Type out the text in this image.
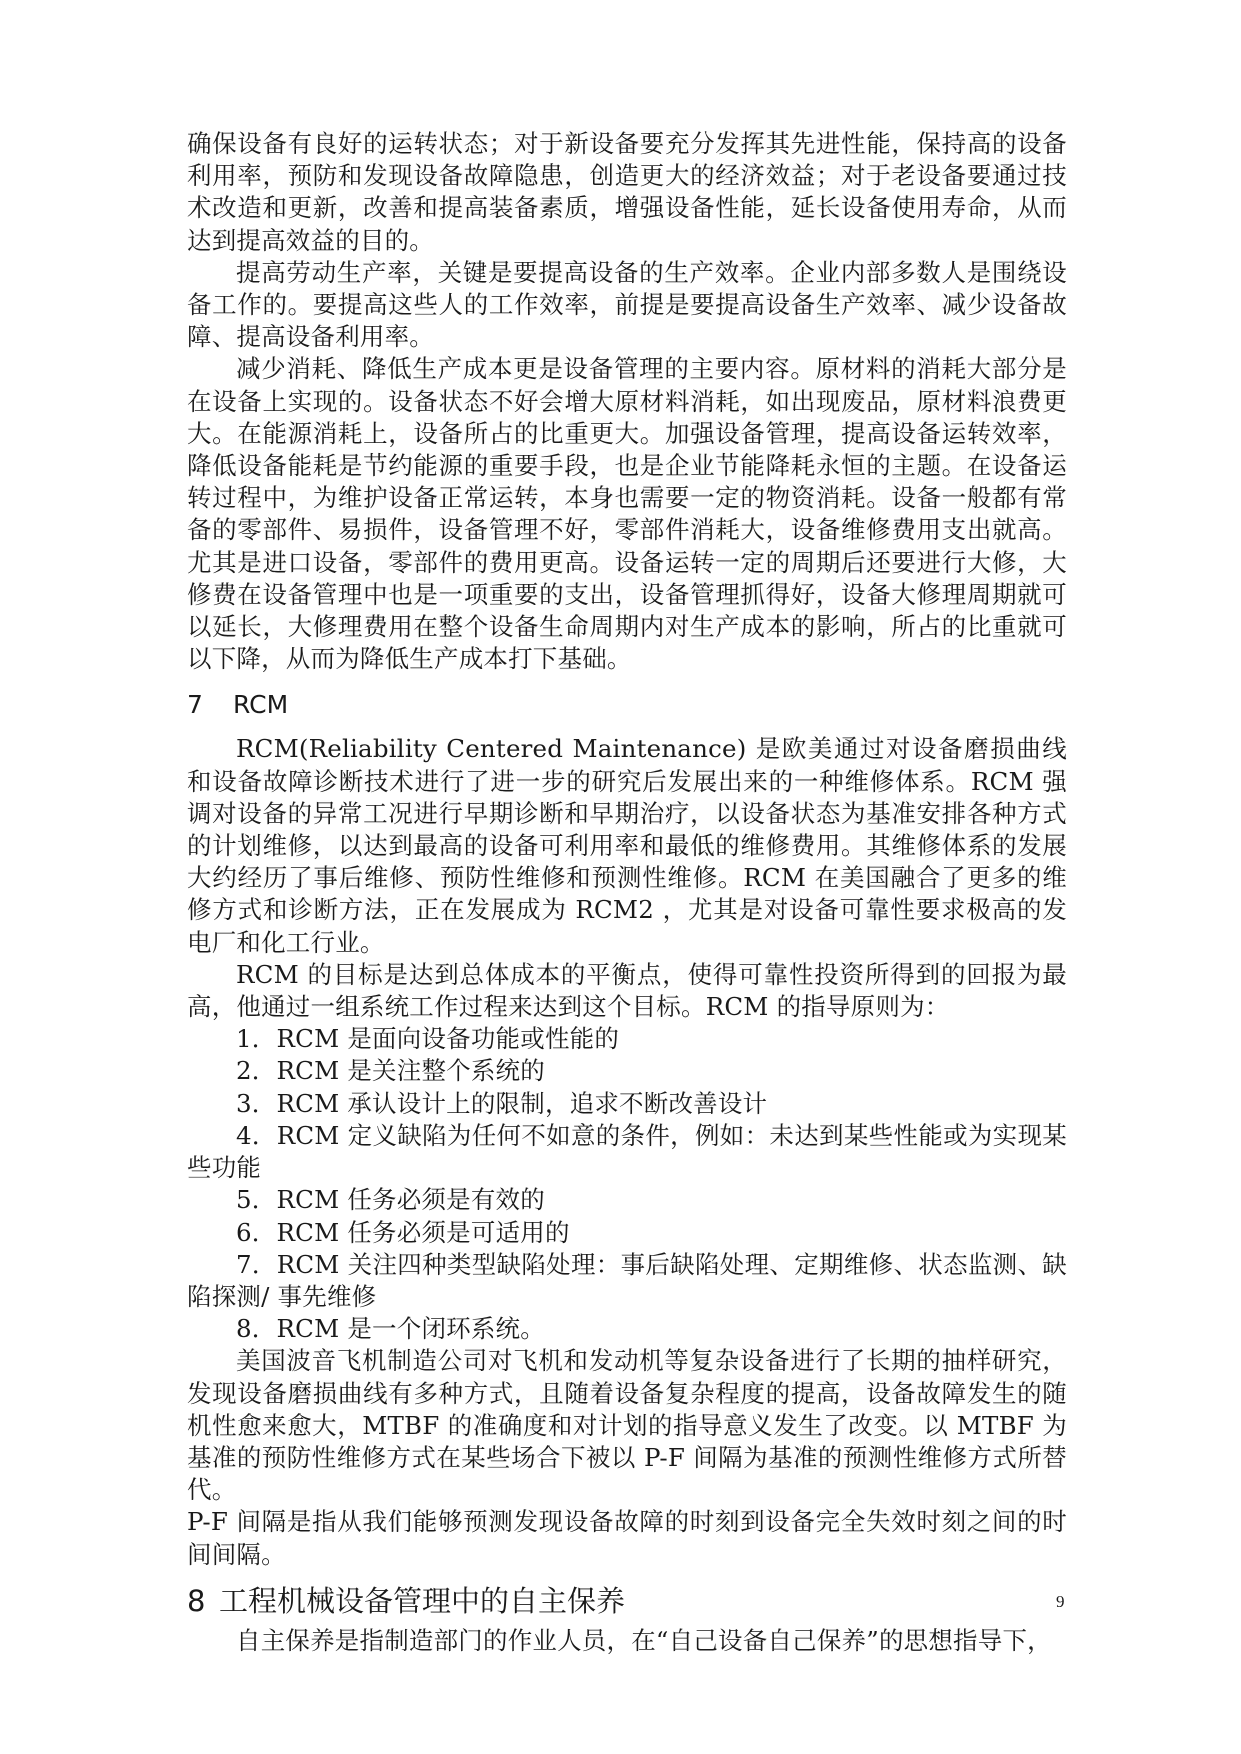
确保设备有良好的运转状态；对于新设备要充分发挥其先进性能，保持高的设备利用率，预防和发现设备故障隐患，创造更大的经济效益；对于老设备要通过技术改造和更新，改善和提高装备素质，增强设备性能，延长设备使用寿命，从而达到提高效益的目的。

提高劳动生产率，关键是要提高设备的生产效率。企业内部多数人是围绕设备工作的。要提高这些人的工作效率，前提是要提高设备生产效率、减少设备故障、提高设备利用率。

减少消耗、降低生产成本更是设备管理的主要内容。原材料的消耗大部分是在设备上实现的。设备状态不好会增大原材料消耗，如出现废品，原材料浪费更大。在能源消耗上，设备所占的比重更大。加强设备管理，提高设备运转效率，降低设备能耗是节约能源的重要手段，也是企业节能降耗永恒的主题。在设备运转过程中，为维护设备正常运转，本身也需要一定的物资消耗。设备一般都有常备的零部件、易损件，设备管理不好，零部件消耗大，设备维修费用支出就高。尤其是进口设备，零部件的费用更高。设备运转一定的周期后还要进行大修，大修费在设备管理中也是一项重要的支出，设备管理抓得好，设备大修理周期就可以延长，大修理费用在整个设备生命周期内对生产成本的影响，所占的比重就可以下降，从而为降低生产成本打下基础。

7 RCM

RCM(Reliability Centered Maintenance) 是欧美通过对设备磨损曲线和设备故障诊断技术进行了进一步的研究后发展出来的一种维修体系。RCM 强调对设备的异常工况进行早期诊断和早期治疗，以设备状态为基准安排各种方式的计划维修，以达到最高的设备可利用率和最低的维修费用。其维修体系的发展大约经历了事后维修、预防性维修和预测性维修。RCM 在美国融合了更多的维修方式和诊断方法，正在发展成为 RCM2 ，尤其是对设备可靠性要求极高的发电厂和化工行业。

RCM 的目标是达到总体成本的平衡点，使得可靠性投资所得到的回报为最高，他通过一组系统工作过程来达到这个目标。RCM 的指导原则为：

1．RCM 是面向设备功能或性能的

2．RCM 是关注整个系统的

3．RCM 承认设计上的限制，追求不断改善设计

4．RCM 定义缺陷为任何不如意的条件，例如：未达到某些性能或为实现某些功能

5．RCM 任务必须是有效的

6．RCM 任务必须是可适用的

7．RCM 关注四种类型缺陷处理：事后缺陷处理、定期维修、状态监测、缺陷探测/ 事先维修

8．RCM 是一个闭环系统。

美国波音飞机制造公司对飞机和发动机等复杂设备进行了长期的抽样研究，发现设备磨损曲线有多种方式，且随着设备复杂程度的提高，设备故障发生的随机性愈来愈大，MTBF 的准确度和对计划的指导意义发生了改变。以 MTBF 为基准的预防性维修方式在某些场合下被以 P-F 间隔为基准的预测性维修方式所替代。

P-F 间隔是指从我们能够预测发现设备故障的时刻到设备完全失效时刻之间的时间间隔。

8 工程机械设备管理中的自主保养

自主保养是指制造部门的作业人员，在“自己设备自己保养”的思想指导下，

9
